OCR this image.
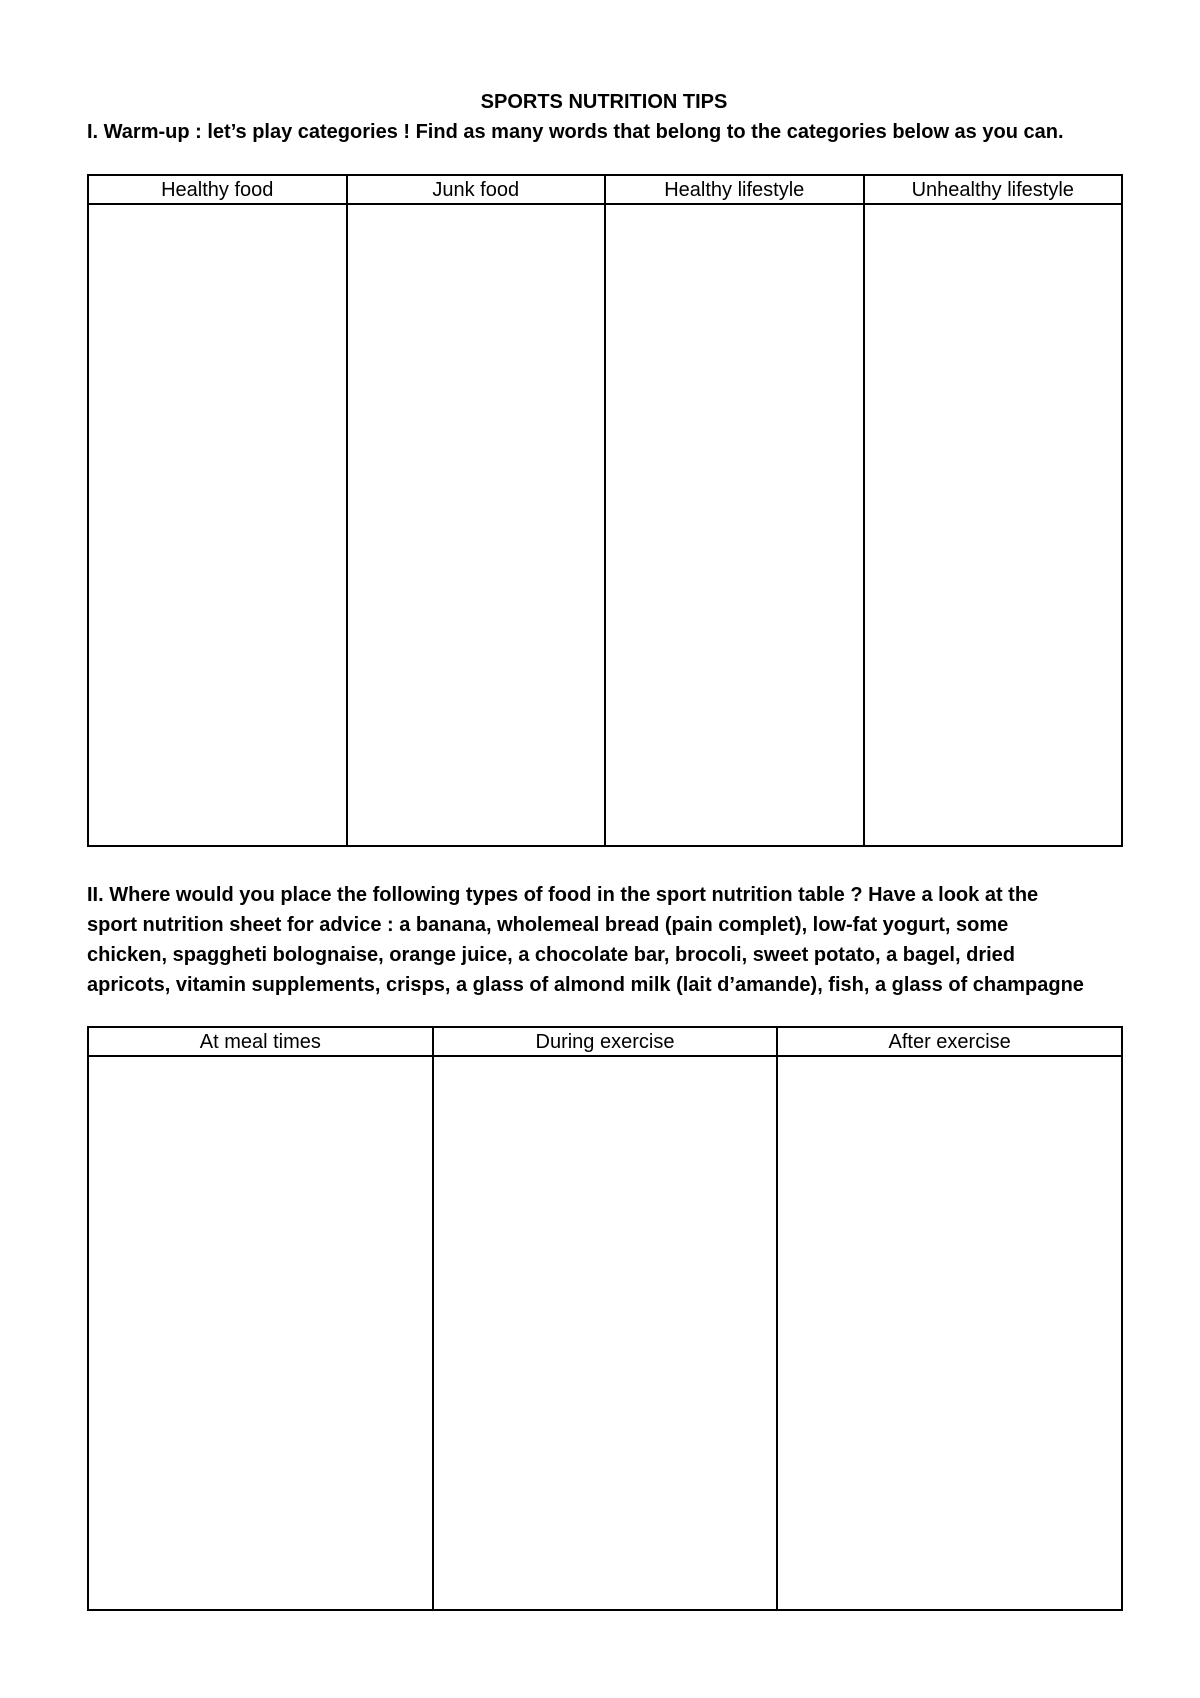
SPORTS NUTRITION TIPS
I. Warm-up : let’s play categories ! Find as many words that belong to the categories below as you can.
Healthy food	Junk food	Healthy lifestyle	Unhealthy lifestyle

II. Where would you place the following types of food in the sport nutrition table ? Have a look at the

sport nutrition sheet for advice : a banana, wholemeal bread (pain complet), low-fat yogurt, some

chicken, spaggheti bolognaise, orange juice, a chocolate bar, brocoli, sweet potato, a bagel, dried

apricots, vitamin supplements, crisps, a glass of almond milk (lait d’amande), fish, a glass of champagne

At meal times	During exercise	After exercise
